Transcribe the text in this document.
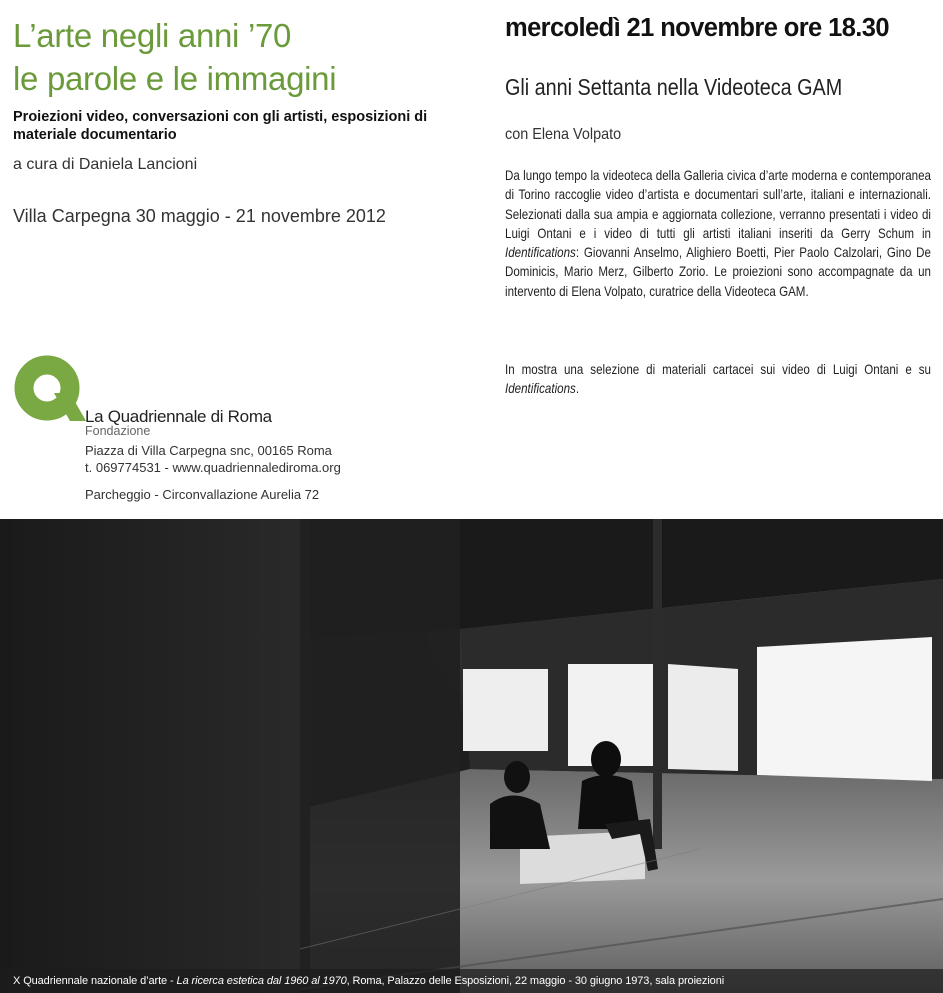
L’arte negli anni ’70
le parole e le immagini

Proiezioni video, conversazioni con gli artisti, esposizioni di materiale documentario

a cura di Daniela Lancioni
Villa Carpegna 30 maggio - 21 novembre 2012
La Quadriennale di Roma
Fondazione
Piazza di Villa Carpegna snc, 00165 Roma
t. 069774531 - www.quadriennalediroma.org
Parcheggio - Circonvallazione Aurelia 72
mercoledì 21 novembre ore 18.30
Gli anni Settanta nella Videoteca GAM
con Elena Volpato

Da lungo tempo la videoteca della Galleria civica d’arte moderna e contemporanea di Torino raccoglie video d’artista e documentari sull’arte, italiani e internazionali. Selezionati dalla sua ampia e aggiornata collezione, verranno presentati i video di Luigi Ontani e i video di tutti gli artisti italiani inseriti da Gerry Schum in Identifications: Giovanni Anselmo, Alighiero Boetti, Pier Paolo Calzolari, Gino De Dominicis, Mario Merz, Gilberto Zorio. Le proiezioni sono accompagnate da un intervento di Elena Volpato, curatrice della Videoteca GAM.

In mostra una selezione di materiali cartacei sui video di Luigi Ontani e su Identifications.

X Quadriennale nazionale d’arte - La ricerca estetica dal 1960 al 1970, Roma, Palazzo delle Esposizioni, 22 maggio - 30 giugno 1973, sala proiezioni
